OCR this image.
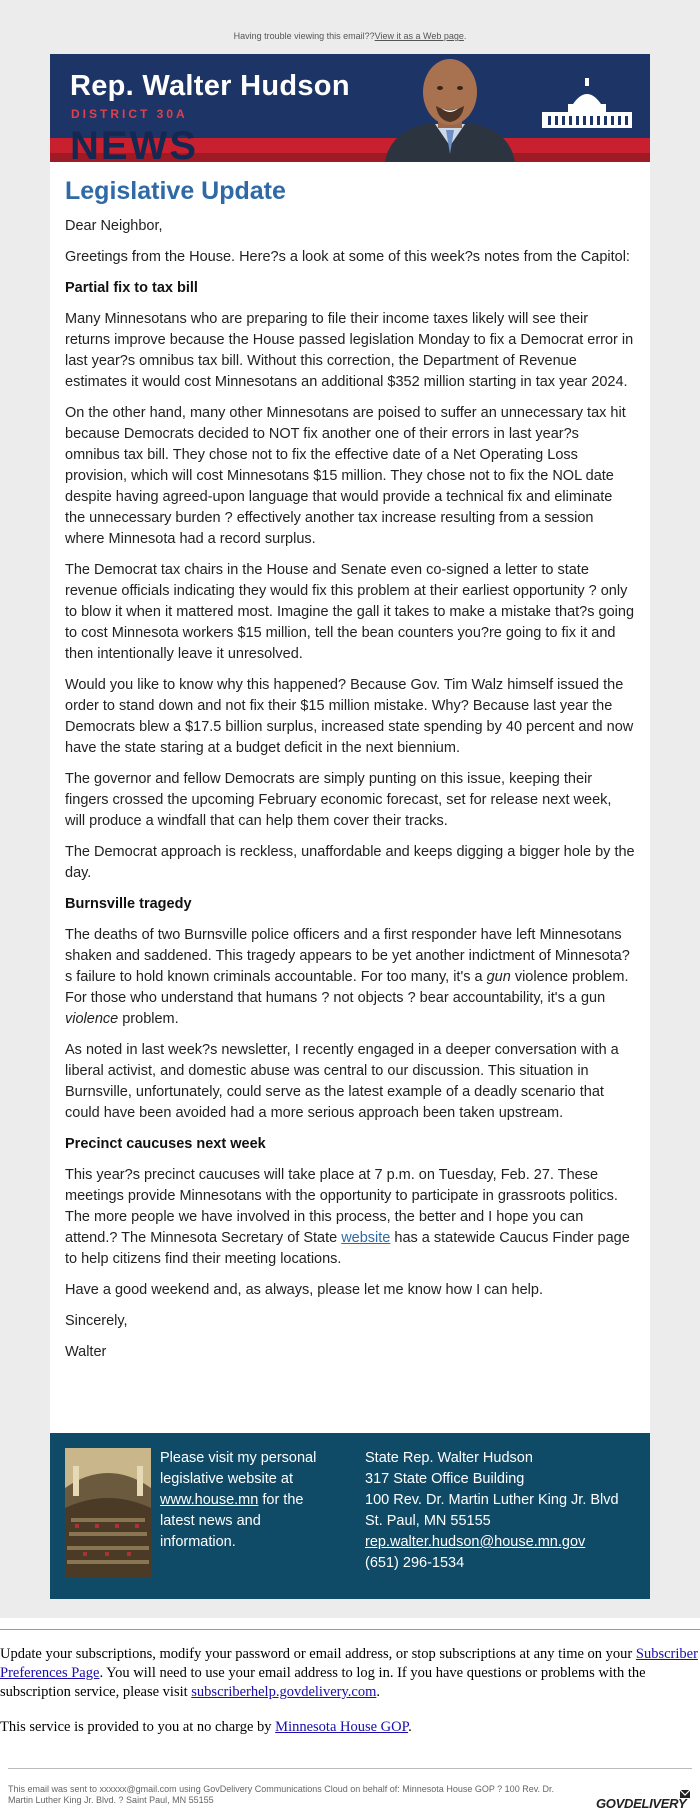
Having trouble viewing this email??View it as a Web page.
Rep. Walter Hudson
DISTRICT 30A
NEWS
Legislative Update

Dear Neighbor,

Greetings from the House. Here?s a look at some of this week?s notes from the Capitol:

Partial fix to tax bill

Many Minnesotans who are preparing to file their income taxes likely will see their returns improve because the House passed legislation Monday to fix a Democrat error in last year?s omnibus tax bill. Without this correction, the Department of Revenue estimates it would cost Minnesotans an additional $352 million starting in tax year 2024.

On the other hand, many other Minnesotans are poised to suffer an unnecessary tax hit because Democrats decided to NOT fix another one of their errors in last year?s omnibus tax bill. They chose not to fix the effective date of a Net Operating Loss provision, which will cost Minnesotans $15 million. They chose not to fix the NOL date despite having agreed-upon language that would provide a technical fix and eliminate the unnecessary burden ? effectively another tax increase resulting from a session where Minnesota had a record surplus.

The Democrat tax chairs in the House and Senate even co-signed a letter to state revenue officials indicating they would fix this problem at their earliest opportunity ? only to blow it when it mattered most. Imagine the gall it takes to make a mistake that?s going to cost Minnesota workers $15 million, tell the bean counters you?re going to fix it and then intentionally leave it unresolved.

Would you like to know why this happened? Because Gov. Tim Walz himself issued the order to stand down and not fix their $15 million mistake. Why? Because last year the Democrats blew a $17.5 billion surplus, increased state spending by 40 percent and now have the state staring at a budget deficit in the next biennium.

The governor and fellow Democrats are simply punting on this issue, keeping their fingers crossed the upcoming February economic forecast, set for release next week, will produce a windfall that can help them cover their tracks.

The Democrat approach is reckless, unaffordable and keeps digging a bigger hole by the day.

Burnsville tragedy

The deaths of two Burnsville police officers and a first responder have left Minnesotans shaken and saddened. This tragedy appears to be yet another indictment of Minnesota?s failure to hold known criminals accountable. For too many, it's a gun violence problem. For those who understand that humans ? not objects ? bear accountability, it's a gun violence problem.

As noted in last week?s newsletter, I recently engaged in a deeper conversation with a liberal activist, and domestic abuse was central to our discussion. This situation in Burnsville, unfortunately, could serve as the latest example of a deadly scenario that could have been avoided had a more serious approach been taken upstream.

Precinct caucuses next week

This year?s precinct caucuses will take place at 7 p.m. on Tuesday, Feb. 27. These meetings provide Minnesotans with the opportunity to participate in grassroots politics. The more people we have involved in this process, the better and I hope you can attend.? The Minnesota Secretary of State website has a statewide Caucus Finder page to help citizens find their meeting locations.

Have a good weekend and, as always, please let me know how I can help.

Sincerely,

Walter

Please visit my personal legislative website at www.house.mn for the latest news and information.
State Rep. Walter Hudson
317 State Office Building
100 Rev. Dr. Martin Luther King Jr. Blvd
St. Paul, MN 55155
rep.walter.hudson@house.mn.gov
(651) 296-1534

Update your subscriptions, modify your password or email address, or stop subscriptions at any time on your Subscriber Preferences Page. You will need to use your email address to log in. If you have questions or problems with the subscription service, please visit subscriberhelp.govdelivery.com.

This service is provided to you at no charge by Minnesota House GOP.

This email was sent to xxxxxx@gmail.com using GovDelivery Communications Cloud on behalf of: Minnesota House GOP ? 100 Rev. Dr. Martin Luther King Jr. Blvd. ? Saint Paul, MN 55155	GOVDELIVERY
